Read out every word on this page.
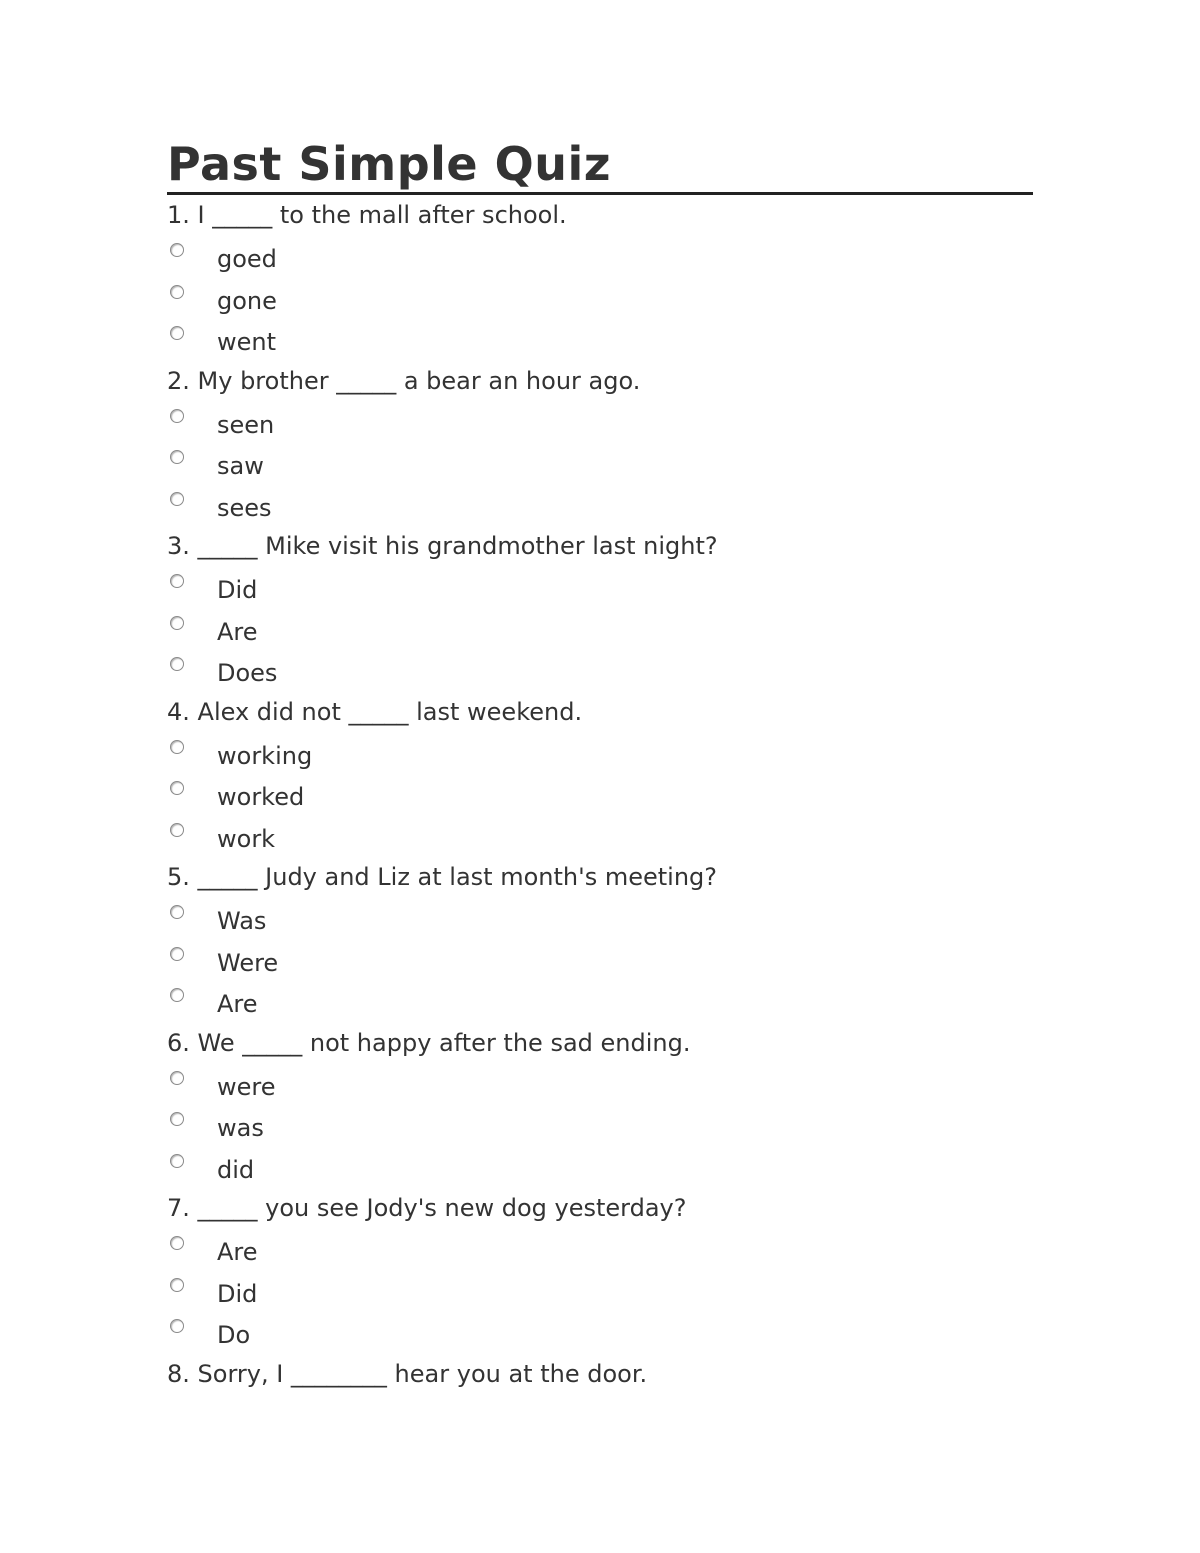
Past Simple Quiz
1. I _____ to the mall after school.
goed
gone
went
2. My brother _____ a bear an hour ago.
seen
saw
sees
3. _____ Mike visit his grandmother last night?
Did
Are
Does
4. Alex did not _____ last weekend.
working
worked
work
5. _____ Judy and Liz at last month's meeting?
Was
Were
Are
6. We _____ not happy after the sad ending.
were
was
did
7. _____ you see Jody's new dog yesterday?
Are
Did
Do
8. Sorry, I ________ hear you at the door.
